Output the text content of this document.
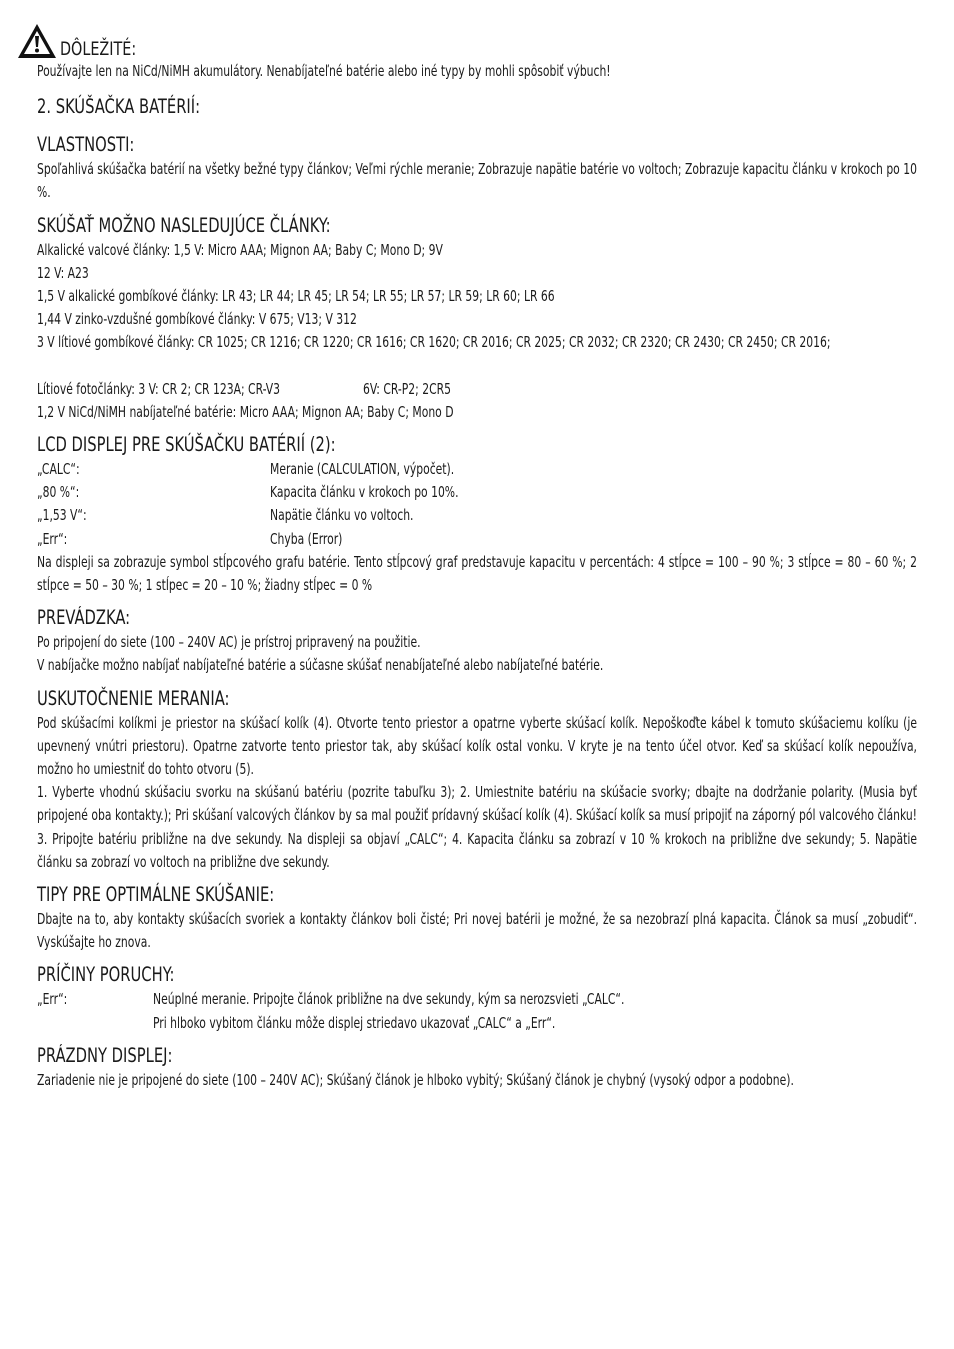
DÔLEŽITÉ:
Používajte len na NiCd/NiMH akumulátory. Nenabíjateľné batérie alebo iné typy by mohli spôsobiť výbuch!
2. SKÚŠAČKA BATÉRIÍ:
VLASTNOSTI:
Spoľahlivá skúšačka batérií na všetky bežné typy článkov; Veľmi rýchle meranie; Zobrazuje napätie batérie vo voltoch; Zobrazuje kapacitu článku v krokoch po 10 %.
SKÚŠAŤ MOŽNO NASLEDUJÚCE ČLÁNKY:
Alkalické valcové články: 1,5 V: Micro AAA; Mignon AA; Baby C; Mono D; 9V
12 V: A23
1,5 V alkalické gombíkové články: LR 43; LR 44; LR 45; LR 54; LR 55; LR 57; LR 59; LR 60; LR 66
1,44 V zinko-vzdušné gombíkové články: V 675; V13; V 312
3 V lítiové gombíkové články: CR 1025; CR 1216; CR 1220; CR 1616; CR 1620; CR 2016; CR 2025; CR 2032; CR 2320; CR 2430; CR 2450; CR 2016;
Lítiové fotočlánky: 3 V: CR 2; CR 123A; CR-V3	6V: CR-P2; 2CR5
1,2 V NiCd/NiMH nabíjateľné batérie: Micro AAA; Mignon AA; Baby C; Mono D
LCD DISPLEJ PRE SKÚŠAČKU BATÉRIÍ (2):
„CALC“:	Meranie (CALCULATION, výpočet).
„80 %“:	Kapacita článku v krokoch po 10%.
„1,53 V“:	Napätie článku vo voltoch.
„Err“:	Chyba (Error)
Na displeji sa zobrazuje symbol stĺpcového grafu batérie. Tento stĺpcový graf predstavuje kapacitu v percentách: 4 stĺpce = 100 – 90 %; 3 stĺpce = 80 – 60 %; 2 stĺpce = 50 – 30 %; 1 stĺpec = 20 – 10 %; žiadny stĺpec = 0 %
PREVÁDZKA:
Po pripojení do siete (100 – 240V AC) je prístroj pripravený na použitie.
V nabíjačke možno nabíjať nabíjateľné batérie a súčasne skúšať nenabíjateľné alebo nabíjateľné batérie.
USKUTOČNENIE MERANIA:
Pod skúšacími kolíkmi je priestor na skúšací kolík (4). Otvorte tento priestor a opatrne vyberte skúšací kolík. Nepoškoďte kábel k tomuto skúšaciemu kolíku (je upevnený vnútri priestoru). Opatrne zatvorte tento priestor tak, aby skúšací kolík ostal vonku. V kryte je na tento účel otvor. Keď sa skúšací kolík nepoužíva, možno ho umiestniť do tohto otvoru (5).
1. Vyberte vhodnú skúšaciu svorku na skúšanú batériu (pozrite tabuľku 3); 2. Umiestnite batériu na skúšacie svorky; dbajte na dodržanie polarity. (Musia byť pripojené oba kontakty.); Pri skúšaní valcových článkov by sa mal použiť prídavný skúšací kolík (4). Skúšací kolík sa musí pripojiť na záporný pól valcového článku! 3. Pripojte batériu približne na dve sekundy. Na displeji sa objaví „CALC“; 4. Kapacita článku sa zobrazí v 10 % krokoch na približne dve sekundy; 5. Napätie článku sa zobrazí vo voltoch na približne dve sekundy.
TIPY PRE OPTIMÁLNE SKÚŠANIE:
Dbajte na to, aby kontakty skúšacích svoriek a kontakty článkov boli čisté; Pri novej batérii je možné, že sa nezobrazí plná kapacita. Článok sa musí „zobudiť“. Vyskúšajte ho znova.
PRÍČINY PORUCHY:
„Err“:	Neúplné meranie. Pripojte článok približne na dve sekundy, kým sa nerozsvieti „CALC“.
Pri hlboko vybitom článku môže displej striedavo ukazovať „CALC“ a „Err“.
PRÁZDNY DISPLEJ:
Zariadenie nie je pripojené do siete (100 – 240V AC); Skúšaný článok je hlboko vybitý; Skúšaný článok je chybný (vysoký odpor a podobne).
